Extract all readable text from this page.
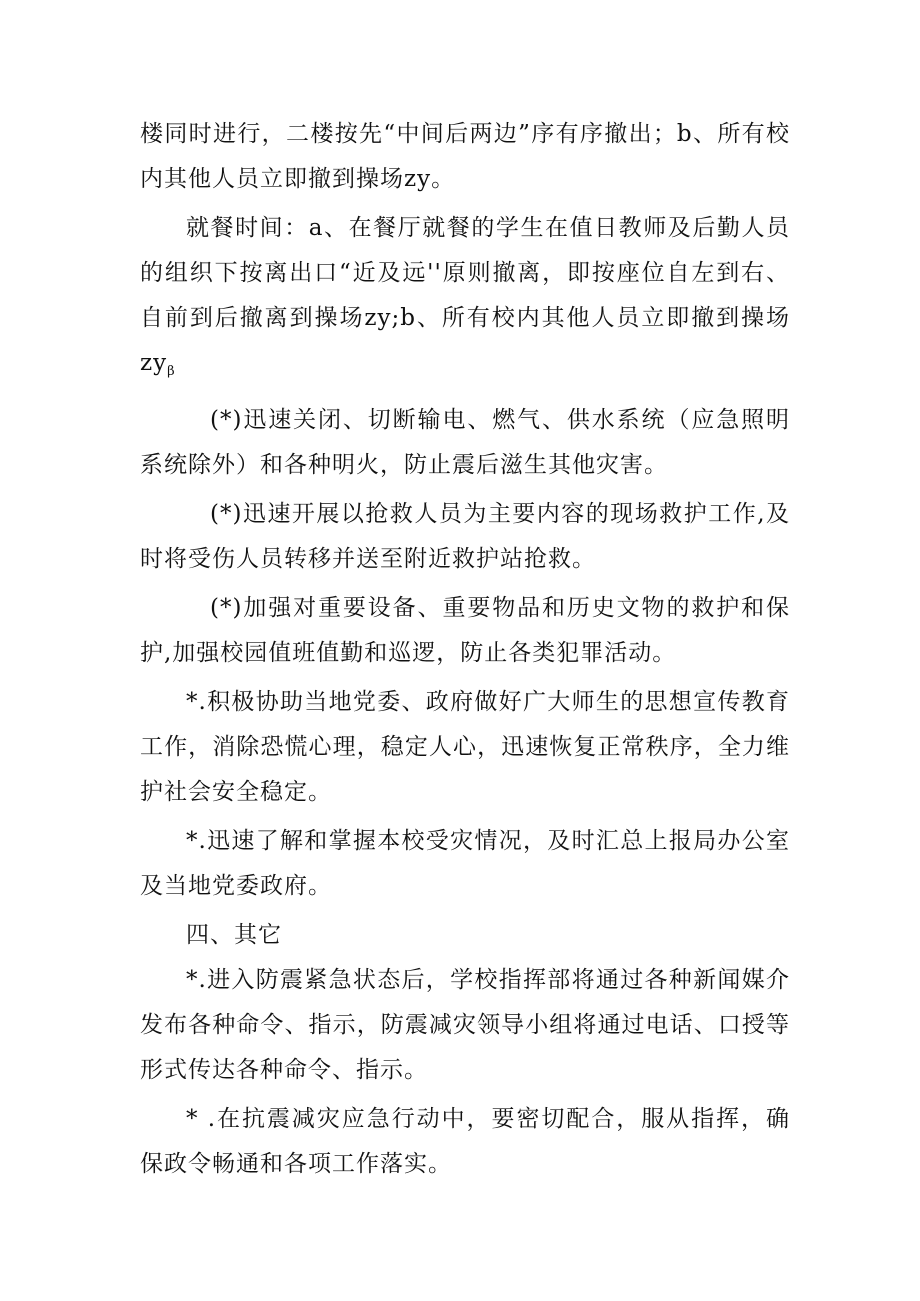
楼同时进行，二楼按先“中间后两边”序有序撤出；b、所有校内其他人员立即撤到操场zy。

就餐时间：a、在餐厅就餐的学生在值日教师及后勤人员的组织下按离出口“近及远''原则撤离，即按座位自左到右、自前到后撤离到操场zy;b、所有校内其他人员立即撤到操场$zy_\beta$

(*)迅速关闭、切断输电、燃气、供水系统（应急照明系统除外）和各种明火，防止震后滋生其他灾害。

(*)迅速开展以抢救人员为主要内容的现场救护工作,及时将受伤人员转移并送至附近救护站抢救。

(*)加强对重要设备、重要物品和历史文物的救护和保护,加强校园值班值勤和巡逻，防止各类犯罪活动。

*.积极协助当地党委、政府做好广大师生的思想宣传教育工作，消除恐慌心理，稳定人心，迅速恢复正常秩序，全力维护社会安全稳定。

*.迅速了解和掌握本校受灾情况，及时汇总上报局办公室及当地党委政府。

四、其它

*.进入防震紧急状态后，学校指挥部将通过各种新闻媒介发布各种命令、指示，防震减灾领导小组将通过电话、口授等形式传达各种命令、指示。

* .在抗震减灾应急行动中，要密切配合，服从指挥，确保政令畅通和各项工作落实。
